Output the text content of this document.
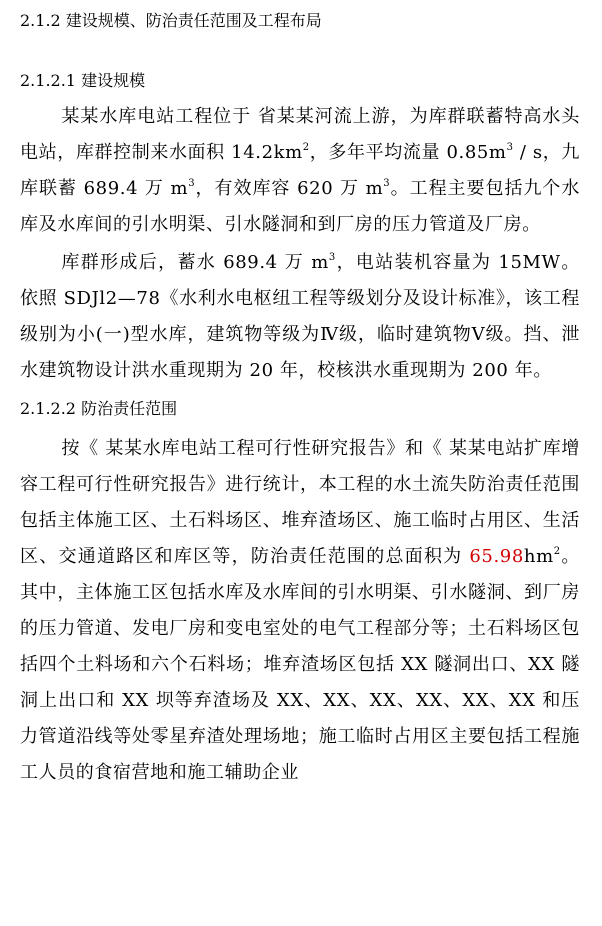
2.1.2 建设规模、防治责任范围及工程布局
2.1.2.1 建设规模

某某水库电站工程位于 省某某河流上游，为库群联蓄特高水头电站，库群控制来水面积 $14.2km^2$，多年平均流量 $0.85m^3$ / s，九库联蓄 689.4 万 $m^3$，有效库容 620 万 $m^3$。工程主要包括九个水库及水库间的引水明渠、引水隧洞和到厂房的压力管道及厂房。

库群形成后，蓄水 689.4 万 $m^3$，电站装机容量为 15MW。依照 SDJl2—78《水利水电枢纽工程等级划分及设计标准》，该工程级别为小(一)型水库，建筑物等级为Ⅳ级，临时建筑物Ⅴ级。挡、泄水建筑物设计洪水重现期为 20 年，校核洪水重现期为 200 年。

2.1.2.2 防治责任范围

按《 某某水库电站工程可行性研究报告》和《 某某电站扩库增容工程可行性研究报告》进行统计，本工程的水土流失防治责任范围包括主体施工区、土石料场区、堆弃渣场区、施工临时占用区、生活区、交通道路区和库区等，防治责任范围的总面积为 $65.98hm^2$。其中，主体施工区包括水库及水库间的引水明渠、引水隧洞、到厂房的压力管道、发电厂房和变电室处的电气工程部分等；土石料场区包括四个土料场和六个石料场；堆弃渣场区包括 XX 隧洞出口、XX 隧洞上出口和 XX 坝等弃渣场及 XX、XX、XX、XX、XX、XX 和压力管道沿线等处零星弃渣处理场地；施工临时占用区主要包括工程施工人员的食宿营地和施工辅助企业
